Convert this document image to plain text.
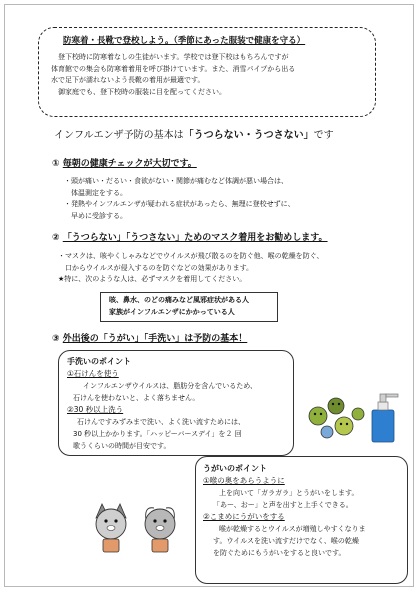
防寒着・長靴で登校しよう。（季節にあった服装で健康を守る）

登下校時に防寒着なしの生徒がいます。学校では登下校はもちろんですが

体育館での集会も防寒着着用を呼び掛けています。また、消雪パイプから出る

水で足下が濡れないよう長靴の着用が最適です。

御家庭でも、登下校時の服装に目を配ってください。

インフルエンザ予防の基本は「うつらない・うつさない」です
① 毎朝の健康チェックが大切です。

・頭が痛い・だるい・食欲がない・関節が痛むなど体調が悪い場合は、

　体温測定をする。

・発熱やインフルエンザが疑われる症状があったら、無理に登校せずに、

　早めに受診する。

② 「うつらない」「うつさない」ためのマスク着用をお勧めします。

・マスクは、咳やくしゃみなどでウイルスが飛び散るのを防ぐ他、喉の乾燥を防ぐ、

　口からウイルスが侵入するのを防ぐなどの効果があります。

★特に、次のような人は、必ずマスクを着用してください。

咳、鼻水、のどの痛みなど風邪症状がある人
家族がインフルエンザにかかっている人
③ 外出後の「うがい」「手洗い」は予防の基本！
手洗いのポイント
①石けんを使う

インフルエンザウイルスは、脂肪分を含んでいるため、

石けんを使わないと、よく落ちません。

②30 秒以上洗う

石けんですみずみまで洗い、よく洗い流すためには、

30 秒以上かかります。「ハッピーバースデイ」を２ 回

歌うくらいの時間が目安です。

うがいのポイント
①喉の奥をあらうように

上を向いて「ガラガラ」とうがいをします。

「あー、おー」と声を出すと上手くできる。

②こまめにうがいをする

喉が乾燥するとウイルスが増殖しやすくなりま

す。ウイルスを洗い流すだけでなく、喉の乾燥

を防ぐためにもうがいをすると良いです。
